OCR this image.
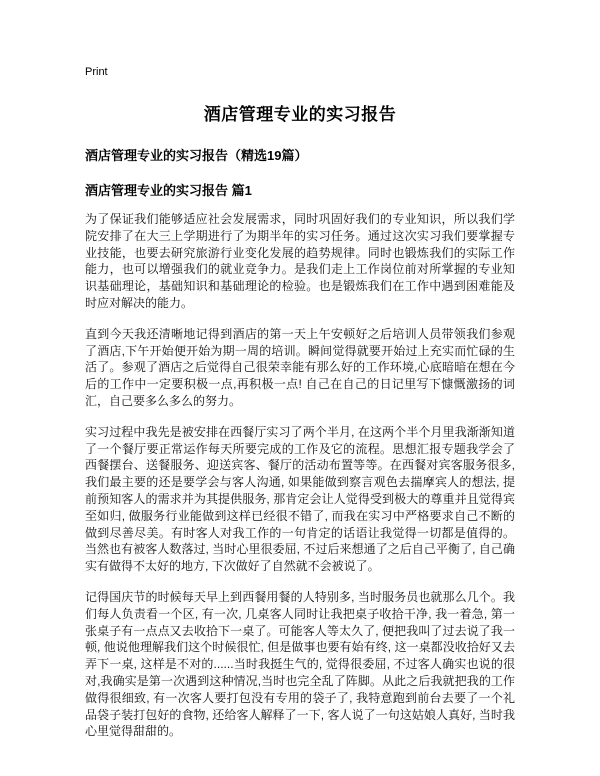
Print
酒店管理专业的实习报告
酒店管理专业的实习报告（精选19篇）
酒店管理专业的实习报告 篇1

为了保证我们能够适应社会发展需求，同时巩固好我们的专业知识，所以我们学院安排了在大三上学期进行了为期半年的实习任务。通过这次实习我们要掌握专业技能，也要去研究旅游行业变化发展的趋势规律。同时也锻炼我们的实际工作能力，也可以增强我们的就业竞争力。是我们走上工作岗位前对所掌握的专业知识基础理论，基础知识和基础理论的检验。也是锻炼我们在工作中遇到困难能及时应对解决的能力。

直到今天我还清晰地记得到酒店的第一天上午安顿好之后培训人员带领我们参观了酒店,下午开始便开始为期一周的培训。瞬间觉得就要开始过上充实而忙碌的生活了。参观了酒店之后觉得自己很荣幸能有那么好的工作环境,心底暗暗在想在今后的工作中一定要积极一点,再积极一点! 自己在自己的日记里写下慷慨激扬的词汇，自己要多么多么的努力。

实习过程中我先是被安排在西餐厅实习了两个半月, 在这两个半个月里我渐渐知道了一个餐厅要正常运作每天所要完成的工作及它的流程。思想汇报专题我学会了西餐摆台、送餐服务、迎送宾客、餐厅的活动布置等等。在西餐对宾客服务很多, 我们最主要的还是要学会与客人沟通, 如果能做到察言观色去揣摩宾人的想法, 提前预知客人的需求并为其提供服务, 那肯定会让人觉得受到极大的尊重并且觉得宾至如归, 做服务行业能做到这样已经很不错了, 而我在实习中严格要求自己不断的做到尽善尽美。有时客人对我工作的一句肯定的话语让我觉得一切都是值得的。当然也有被客人数落过, 当时心里很委屈, 不过后来想通了之后自己平衡了, 自己确实有做得不太好的地方, 下次做好了自然就不会被说了。

记得国庆节的时候每天早上到西餐用餐的人特别多, 当时服务员也就那么几个。我们每人负责看一个区, 有一次, 几桌客人同时让我把桌子收拾干净, 我一着急, 第一张桌子有一点点又去收拾下一桌了。可能客人等太久了, 便把我叫了过去说了我一顿, 他说他理解我们这个时候很忙, 但是做事也要有始有终, 这一桌都没收拾好又去弄下一桌, 这样是不对的......当时我挺生气的, 觉得很委屈, 不过客人确实也说的很对,我确实是第一次遇到这种情况,当时也完全乱了阵脚。从此之后我就把我的工作做得很细致, 有一次客人要打包没有专用的袋子了, 我特意跑到前台去要了一个礼品袋子装打包好的食物, 还给客人解释了一下, 客人说了一句这姑娘人真好, 当时我心里觉得甜甜的。
